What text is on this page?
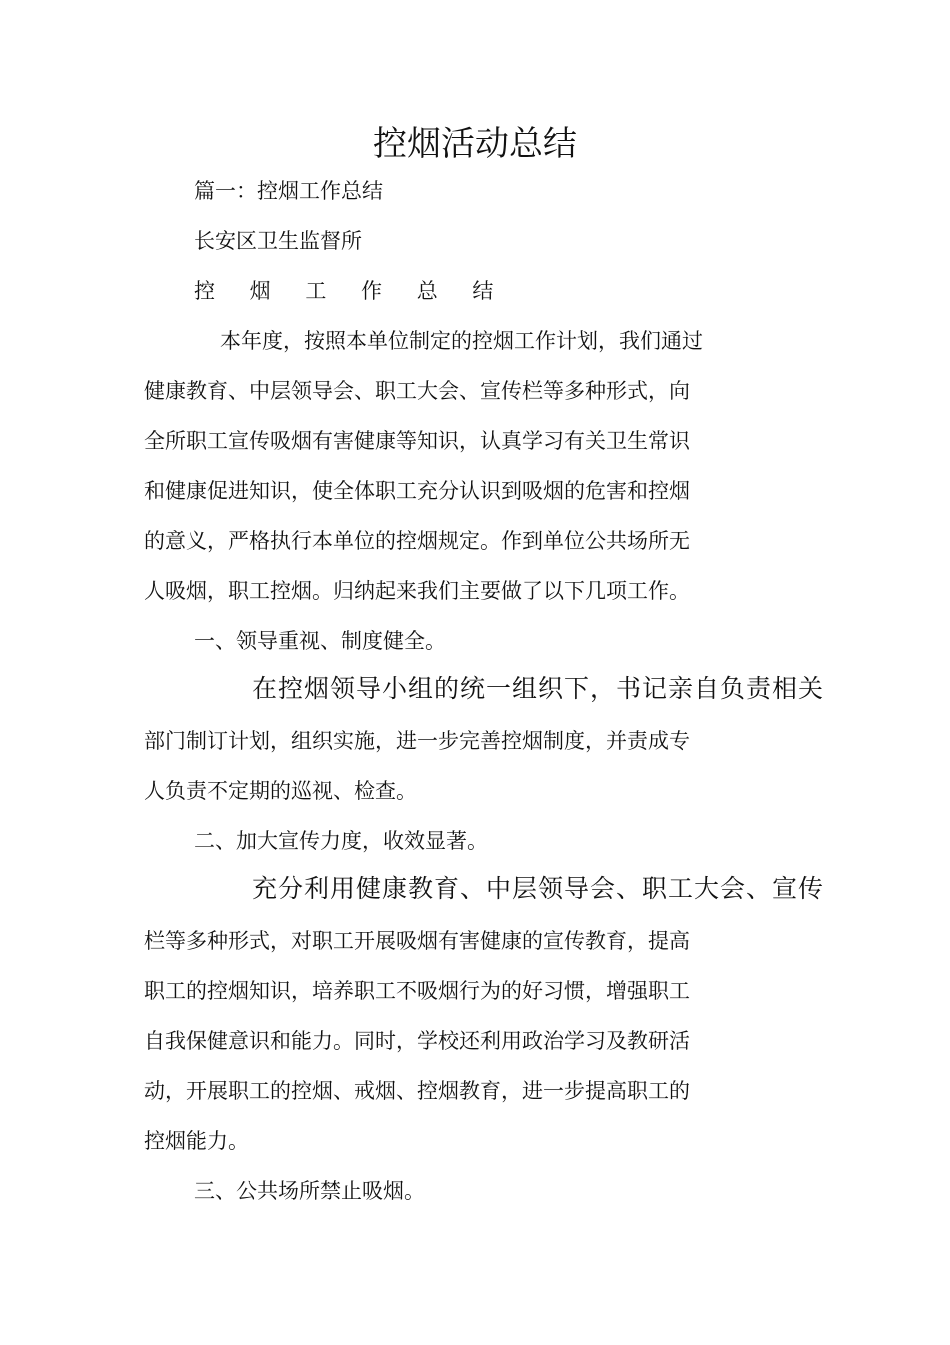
控烟活动总结
篇一：控烟工作总结
长安区卫生监督所
控 烟 工 作 总 结
本年度，按照本单位制定的控烟工作计划，我们通过
健康教育、中层领导会、职工大会、宣传栏等多种形式，向
全所职工宣传吸烟有害健康等知识，认真学习有关卫生常识
和健康促进知识，使全体职工充分认识到吸烟的危害和控烟
的意义，严格执行本单位的控烟规定。作到单位公共场所无
人吸烟，职工控烟。归纳起来我们主要做了以下几项工作。
一、领导重视、制度健全。
在控烟领导小组的统一组织下，书记亲自负责相关
部门制订计划，组织实施，进一步完善控烟制度，并责成专
人负责不定期的巡视、检查。
二、加大宣传力度，收效显著。
充分利用健康教育、中层领导会、职工大会、宣传
栏等多种形式，对职工开展吸烟有害健康的宣传教育，提高
职工的控烟知识，培养职工不吸烟行为的好习惯，增强职工
自我保健意识和能力。同时，学校还利用政治学习及教研活
动，开展职工的控烟、戒烟、控烟教育，进一步提高职工的
控烟能力。
三、公共场所禁止吸烟。
